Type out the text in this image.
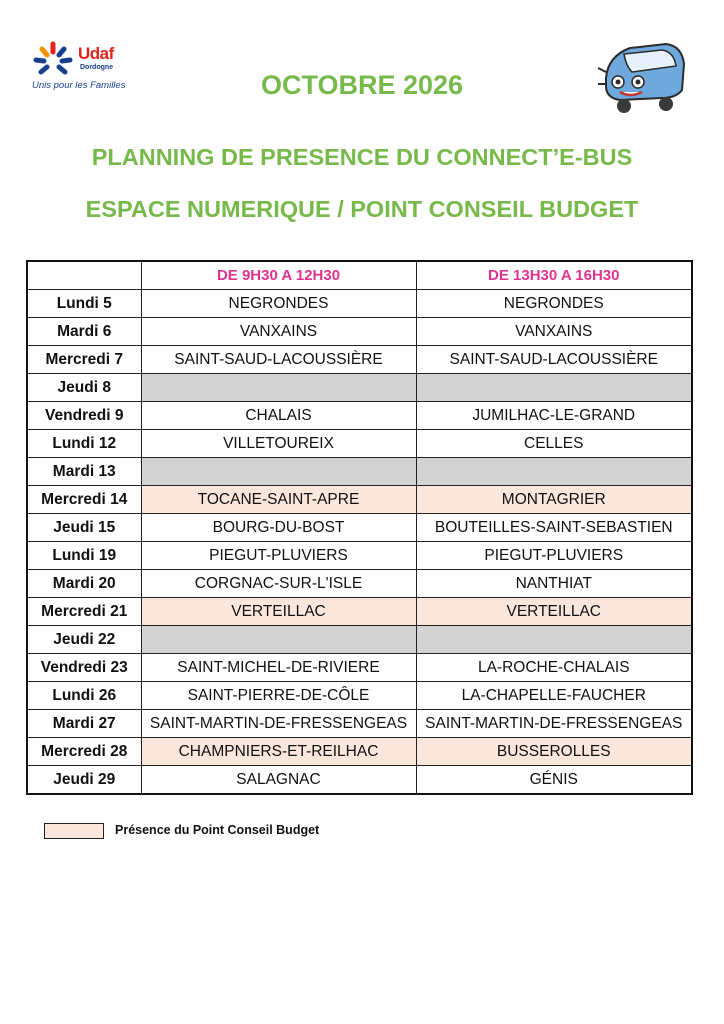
Udaf
Dordogne
Unis pour les Familles	OCTOBRE 2026
PLANNING DE PRESENCE DU CONNECT’E-BUS
ESPACE NUMERIQUE / POINT CONSEIL BUDGET
	DE 9H30 A 12H30	DE 13H30 A 16H30
Lundi 5	NEGRONDES	NEGRONDES
Mardi 6	VANXAINS	VANXAINS
Mercredi 7	SAINT-SAUD-LACOUSSIÈRE	SAINT-SAUD-LACOUSSIÈRE
Jeudi 8		
Vendredi 9	CHALAIS	JUMILHAC-LE-GRAND
Lundi 12	VILLETOUREIX	CELLES
Mardi 13		
Mercredi 14	TOCANE-SAINT-APRE	MONTAGRIER
Jeudi 15	BOURG-DU-BOST	BOUTEILLES-SAINT-SEBASTIEN
Lundi 19	PIEGUT-PLUVIERS	PIEGUT-PLUVIERS
Mardi 20	CORGNAC-SUR-L'ISLE	NANTHIAT
Mercredi 21	VERTEILLAC	VERTEILLAC
Jeudi 22		
Vendredi 23	SAINT-MICHEL-DE-RIVIERE	LA-ROCHE-CHALAIS
Lundi 26	SAINT-PIERRE-DE-CÔLE	LA-CHAPELLE-FAUCHER
Mardi 27	SAINT-MARTIN-DE-FRESSENGEAS	SAINT-MARTIN-DE-FRESSENGEAS
Mercredi 28	CHAMPNIERS-ET-REILHAC	BUSSEROLLES
Jeudi 29	SALAGNAC	GÉNIS
Présence du Point Conseil Budget
